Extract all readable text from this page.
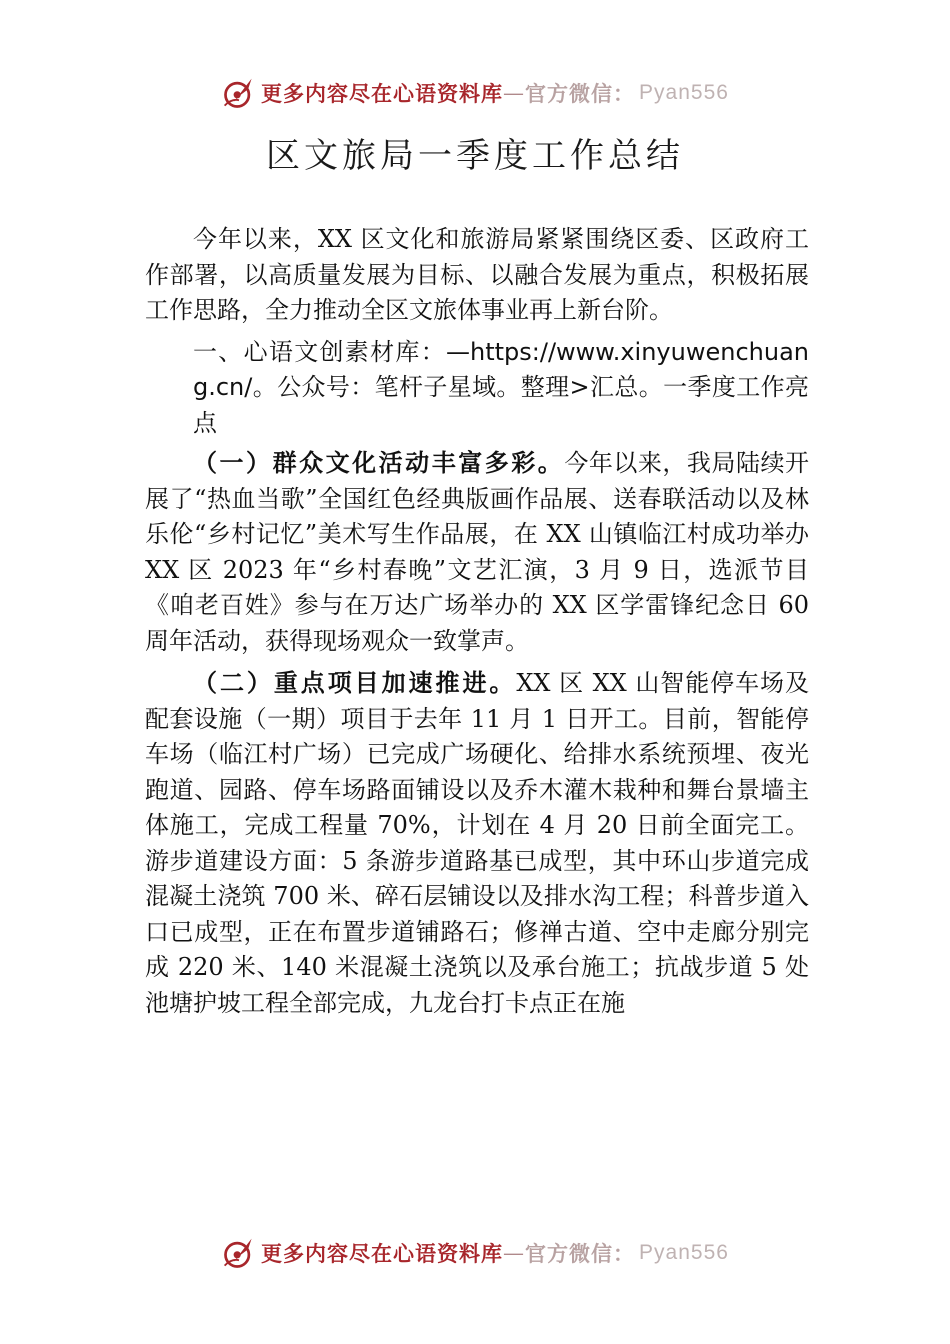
更多内容尽在心语资料库 — 官方微信： Pyan556
区文旅局一季度工作总结

今年以来，XX 区文化和旅游局紧紧围绕区委、区政府工作部署，以高质量发展为目标、以融合发展为重点，积极拓展工作思路，全力推动全区文旅体事业再上新台阶。

一、心语文创素材库：—https://www.xinyuwenchuang.cn/。公众号：笔杆子星域。整理>汇总。一季度工作亮点

（一）群众文化活动丰富多彩。今年以来，我局陆续开展了“热血当歌”全国红色经典版画作品展、送春联活动以及林乐伦“乡村记忆”美术写生作品展，在 XX 山镇临江村成功举办 XX 区 2023 年“乡村春晚”文艺汇演，3 月 9 日，选派节目《咱老百姓》参与在万达广场举办的 XX 区学雷锋纪念日 60 周年活动，获得现场观众一致掌声。

（二）重点项目加速推进。XX 区 XX 山智能停车场及配套设施（一期）项目于去年 11 月 1 日开工。目前，智能停车场（临江村广场）已完成广场硬化、给排水系统预埋、夜光跑道、园路、停车场路面铺设以及乔木灌木栽种和舞台景墙主体施工，完成工程量 70%，计划在 4 月 20 日前全面完工。游步道建设方面：5 条游步道路基已成型，其中环山步道完成混凝土浇筑 700 米、碎石层铺设以及排水沟工程；科普步道入口已成型，正在布置步道铺路石；修禅古道、空中走廊分别完成 220 米、140 米混凝土浇筑以及承台施工；抗战步道 5 处池塘护坡工程全部完成，九龙台打卡点正在施

更多内容尽在心语资料库 — 官方微信： Pyan556
